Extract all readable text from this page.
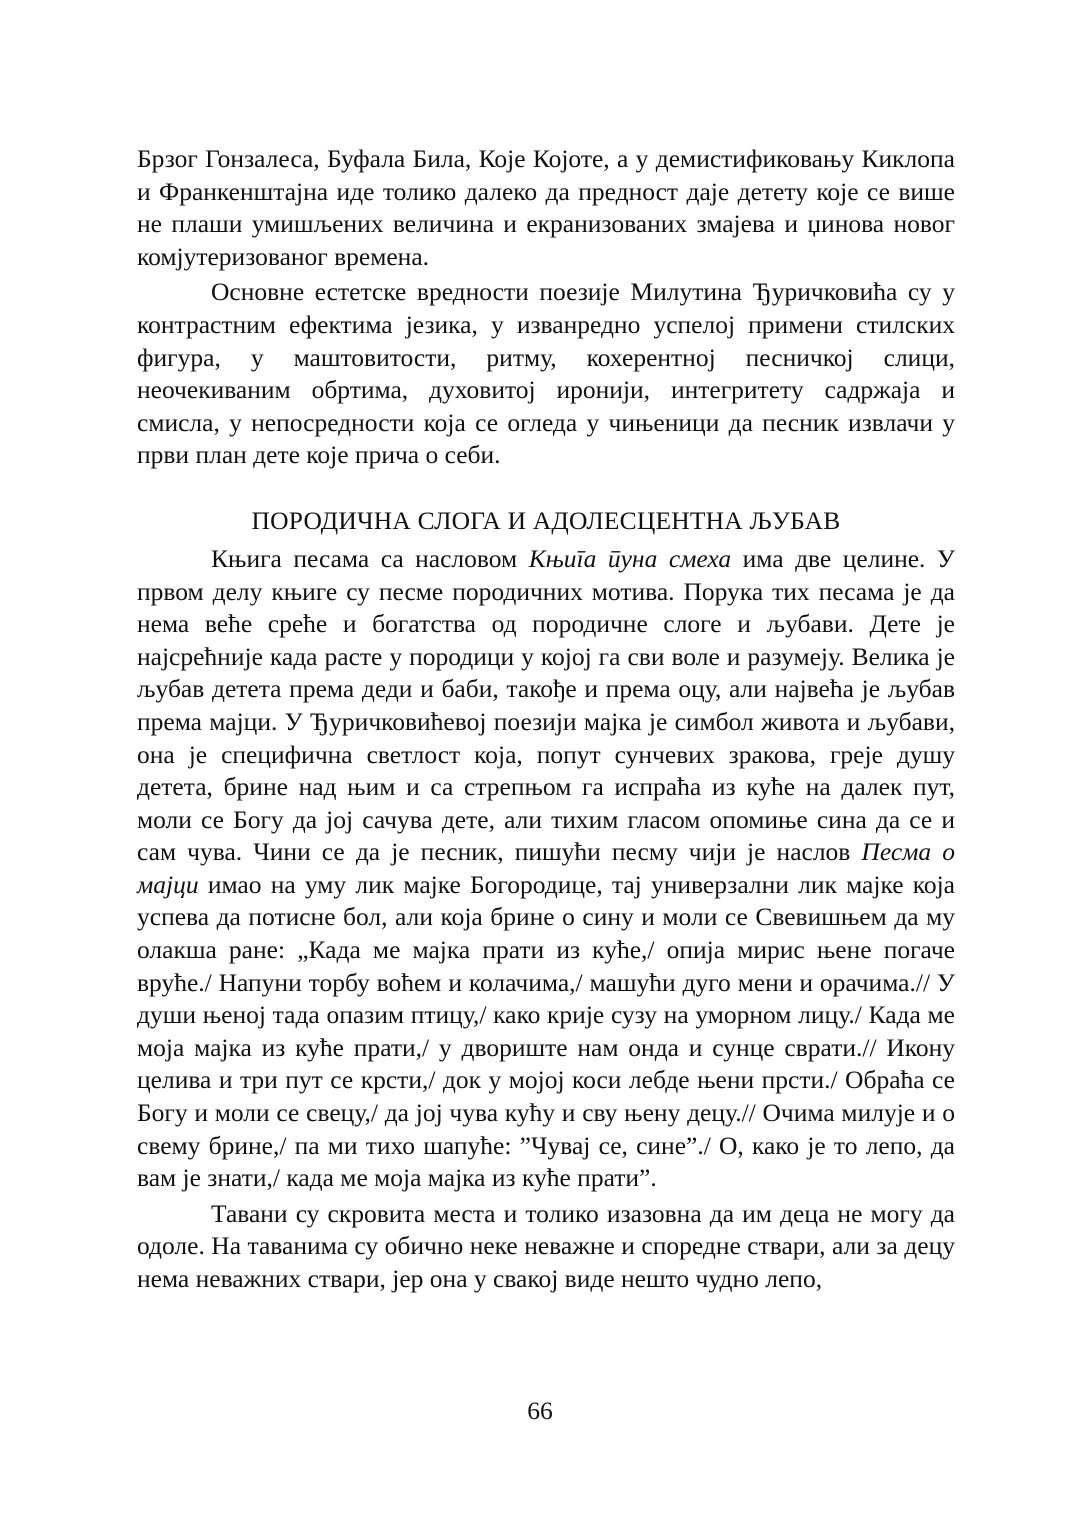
Брзог Гонзалеса, Буфала Била, Које Којоте, а у демистификовању Киклопа и Франкенштајна иде толико далеко да предност даје детету које се више не плаши умишљених величина и екранизованих змајева и џинова новог комјутеризованог времена.

Основне естетске вредности поезије Милутина Ђуричковића су у контрастним ефектима језика, у изванредно успелој примени стилских фигура, у маштовитости, ритму, кохерентној песничкој слици, неочекиваним обртима, духовитој иронији, интегритету садржаја и смисла, у непосредности која се огледа у чињеници да песник извлачи у први план дете које прича о себи.

ПОРОДИЧНА СЛОГА И АДОЛЕСЦЕНТНА ЉУБАВ

Књига песама са насловом Књига пуна смеха има две целине. У првом делу књиге су песме породичних мотива. Порука тих песама је да нема веће среће и богатства од породичне слоге и љубави. Дете је најсрећније када расте у породици у којој га сви воле и разумеју. Велика је љубав детета према деди и баби, такође и према оцу, али највећа је љубав према мајци. У Ђуричковићевој поезији мајка је симбол живота и љубави, она је специфична светлост која, попут сунчевих зракова, греје душу детета, брине над њим и са стрепњом га испраћа из куће на далек пут, моли се Богу да јој сачува дете, али тихим гласом опомиње сина да се и сам чува. Чини се да је песник, пишући песму чији је наслов Песма о мајци имао на уму лик мајке Богородице, тај универзални лик мајке која успева да потисне бол, али која брине о сину и моли се Свевишњем да му олакша ране: „Када ме мајка прати из куће,/ опија мирис њене погаче вруће./ Напуни торбу воћем и колачима,/ машући дуго мени и орачима.// У души њеној тада опазим птицу,/ како крије сузу на уморном лицу./ Када ме моја мајка из куће прати,/ у двориште нам онда и сунце сврати.// Икону целива и три пут се крсти,/ док у мојој коси лебде њени прсти./ Обраћа се Богу и моли се свецу,/ да јој чува кућу и сву њену децу.// Очима милује и о свему брине,/ па ми тихо шапуће: ”Чувај се, сине”./ О, како је то лепо, да вам је знати,/ када ме моја мајка из куће прати”.

Тавани су скровита места и толико изазовна да им деца не могу да одоле. На таванима су обично неке неважне и споредне ствари, али за децу нема неважних ствари, јер она у свакој виде нешто чудно лепо,

66
